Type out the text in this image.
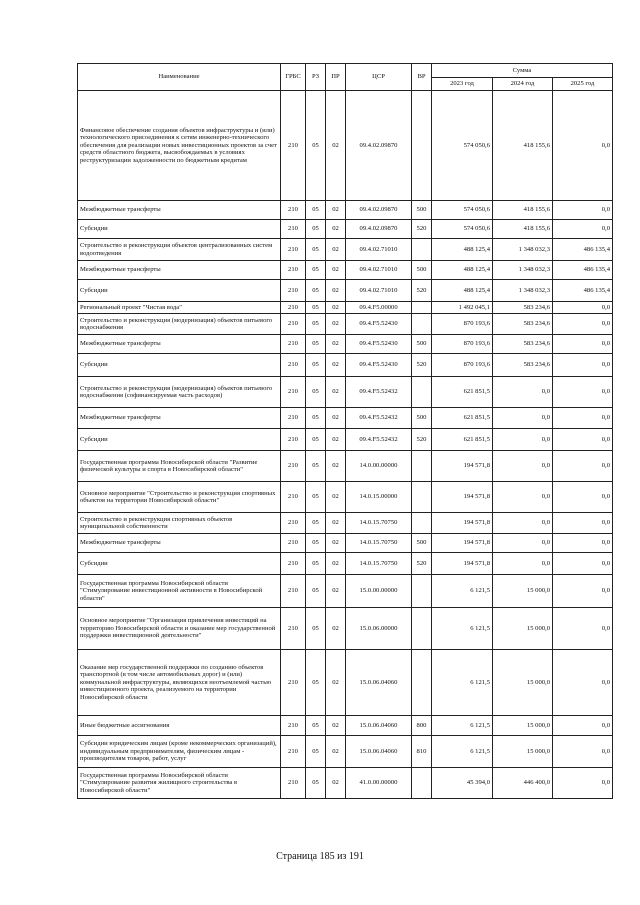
Наименование	ГРБС	РЗ	ПР	ЦСР	ВР	Сумма		
						2023 год	2024 год	2025 год
Финансовое обеспечение создания объектов инфраструктуры и (или) технологического присоединения к сетям инженерно-технического обеспечения для реализации новых инвестиционных проектов за счет средств областного бюджета, высвобождаемых в условиях реструктуризации задолженности по бюджетным кредитам	210	05	02	09.4.02.09870		574 050,6	418 155,6	0,0
Межбюджетные трансферты	210	05	02	09.4.02.09870	500	574 050,6	418 155,6	0,0
Субсидии	210	05	02	09.4.02.09870	520	574 050,6	418 155,6	0,0
Строительство и реконструкция объектов централизованных систем водоотведения	210	05	02	09.4.02.71010		488 125,4	1 348 032,3	486 135,4
Межбюджетные трансферты	210	05	02	09.4.02.71010	500	488 125,4	1 348 032,3	486 135,4
Субсидии	210	05	02	09.4.02.71010	520	488 125,4	1 348 032,3	486 135,4
Региональный проект "Чистая вода"	210	05	02	09.4.F5.00000		1 492 045,1	583 234,6	0,0
Строительство и реконструкция (модернизация) объектов питьевого водоснабжения	210	05	02	09.4.F5.52430		870 193,6	583 234,6	0,0
Межбюджетные трансферты	210	05	02	09.4.F5.52430	500	870 193,6	583 234,6	0,0
Субсидии	210	05	02	09.4.F5.52430	520	870 193,6	583 234,6	0,0
Строительство и реконструкция (модернизация) объектов питьевого водоснабжения (софинансируемая часть расходов)	210	05	02	09.4.F5.52432		621 851,5	0,0	0,0
Межбюджетные трансферты	210	05	02	09.4.F5.52432	500	621 851,5	0,0	0,0
Субсидии	210	05	02	09.4.F5.52432	520	621 851,5	0,0	0,0
Государственная программа Новосибирской области "Развитие физической культуры и спорта в Новосибирской области"	210	05	02	14.0.00.00000		194 571,8	0,0	0,0
Основное мероприятие "Строительство и реконструкция спортивных объектов на территории Новосибирской области"	210	05	02	14.0.15.00000		194 571,8	0,0	0,0
Строительство и реконструкция спортивных объектов муниципальной собственности	210	05	02	14.0.15.70750		194 571,8	0,0	0,0
Межбюджетные трансферты	210	05	02	14.0.15.70750	500	194 571,8	0,0	0,0
Субсидии	210	05	02	14.0.15.70750	520	194 571,8	0,0	0,0
Государственная программа Новосибирской области "Стимулирование инвестиционной активности в Новосибирской области"	210	05	02	15.0.00.00000		6 121,5	15 000,0	0,0
Основное мероприятие "Организация привлечения инвестиций на территорию Новосибирской области и оказание мер государственной поддержки инвестиционной деятельности"	210	05	02	15.0.06.00000		6 121,5	15 000,0	0,0
Оказание мер государственной поддержки по созданию объектов транспортной (в том числе автомобильных дорог) и (или) коммунальной инфраструктуры, являющихся неотъемлемой частью инвестиционного проекта, реализуемого на территории Новосибирской области	210	05	02	15.0.06.04060		6 121,5	15 000,0	0,0
Иные бюджетные ассигнования	210	05	02	15.0.06.04060	800	6 121,5	15 000,0	0,0
Субсидии юридическим лицам (кроме некоммерческих организаций), индивидуальным предпринимателям, физическим лицам - производителям товаров, работ, услуг	210	05	02	15.0.06.04060	810	6 121,5	15 000,0	0,0
Государственная программа Новосибирской области "Стимулирование развития жилищного строительства в Новосибирской области"	210	05	02	41.0.00.00000		45 394,0	446 400,0	0,0
Страница 185 из 191
